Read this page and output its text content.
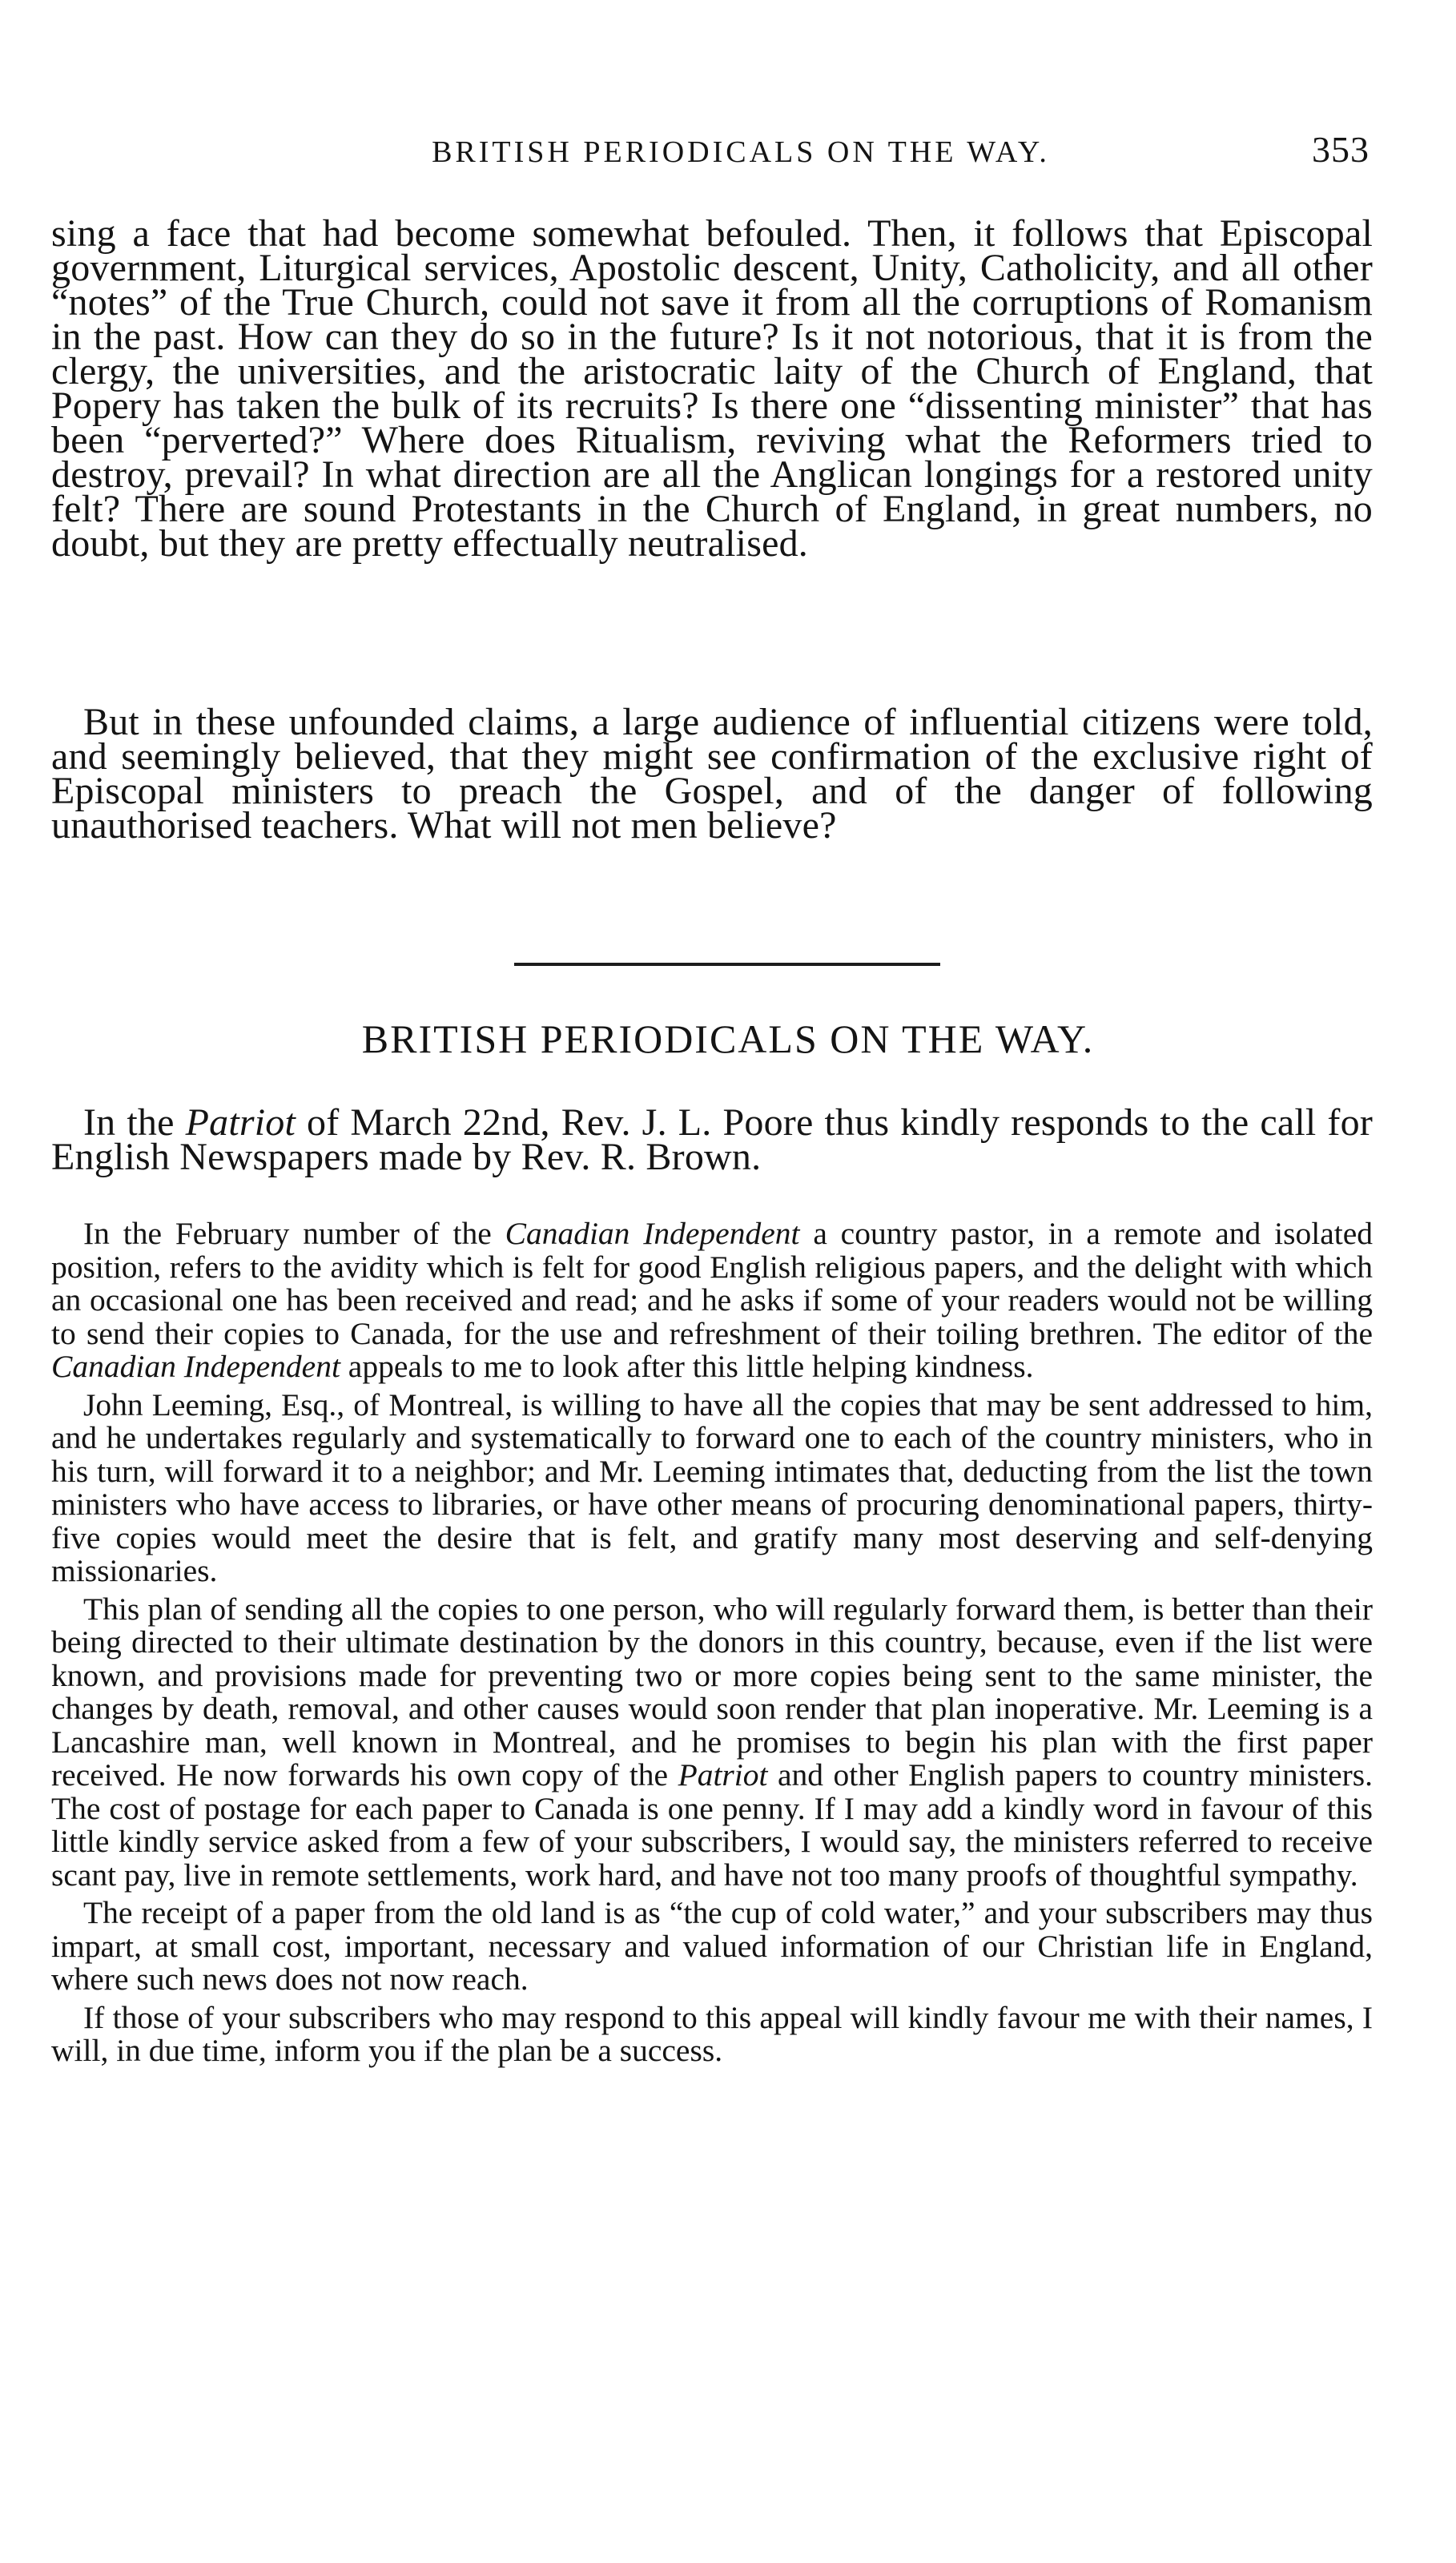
BRITISH PERIODICALS ON THE WAY.	353

sing a face that had become somewhat befouled. Then, it follows that Episcopal government, Liturgical services, Apostolic descent, Unity, Catholicity, and all other “notes” of the True Church, could not save it from all the corruptions of Romanism in the past. How can they do so in the future? Is it not notorious, that it is from the clergy, the universities, and the aristocratic laity of the Church of England, that Popery has taken the bulk of its recruits? Is there one “dissenting minister” that has been “perverted?” Where does Ritualism, reviving what the Reformers tried to destroy, prevail? In what direction are all the Anglican longings for a restored unity felt? There are sound Protestants in the Church of England, in great numbers, no doubt, but they are pretty effectually neutralised.

But in these unfounded claims, a large audience of influential citizens were told, and seemingly believed, that they might see confirmation of the exclusive right of Episcopal ministers to preach the Gospel, and of the danger of following unauthorised teachers. What will not men believe?

BRITISH PERIODICALS ON THE WAY.

In the Patriot of March 22nd, Rev. J. L. Poore thus kindly responds to the call for English Newspapers made by Rev. R. Brown.

In the February number of the Canadian Independent a country pastor, in a remote and isolated position, refers to the avidity which is felt for good English religious papers, and the delight with which an occasional one has been received and read; and he asks if some of your readers would not be willing to send their copies to Canada, for the use and refreshment of their toiling brethren. The editor of the Canadian Independent appeals to me to look after this little helping kindness.

John Leeming, Esq., of Montreal, is willing to have all the copies that may be sent addressed to him, and he undertakes regularly and systematically to forward one to each of the country ministers, who in his turn, will forward it to a neighbor; and Mr. Leeming intimates that, deducting from the list the town ministers who have access to libraries, or have other means of procuring denominational papers, thirty-five copies would meet the desire that is felt, and gratify many most deserving and self-denying missionaries.

This plan of sending all the copies to one person, who will regularly forward them, is better than their being directed to their ultimate destination by the donors in this country, because, even if the list were known, and provisions made for preventing two or more copies being sent to the same minister, the changes by death, removal, and other causes would soon render that plan inoperative. Mr. Leeming is a Lancashire man, well known in Montreal, and he promises to begin his plan with the first paper received. He now forwards his own copy of the Patriot and other English papers to country ministers. The cost of postage for each paper to Canada is one penny. If I may add a kindly word in favour of this little kindly service asked from a few of your subscribers, I would say, the ministers referred to receive scant pay, live in remote settlements, work hard, and have not too many proofs of thoughtful sympathy.

The receipt of a paper from the old land is as “the cup of cold water,” and your subscribers may thus impart, at small cost, important, necessary and valued information of our Christian life in England, where such news does not now reach.

If those of your subscribers who may respond to this appeal will kindly favour me with their names, I will, in due time, inform you if the plan be a success.
